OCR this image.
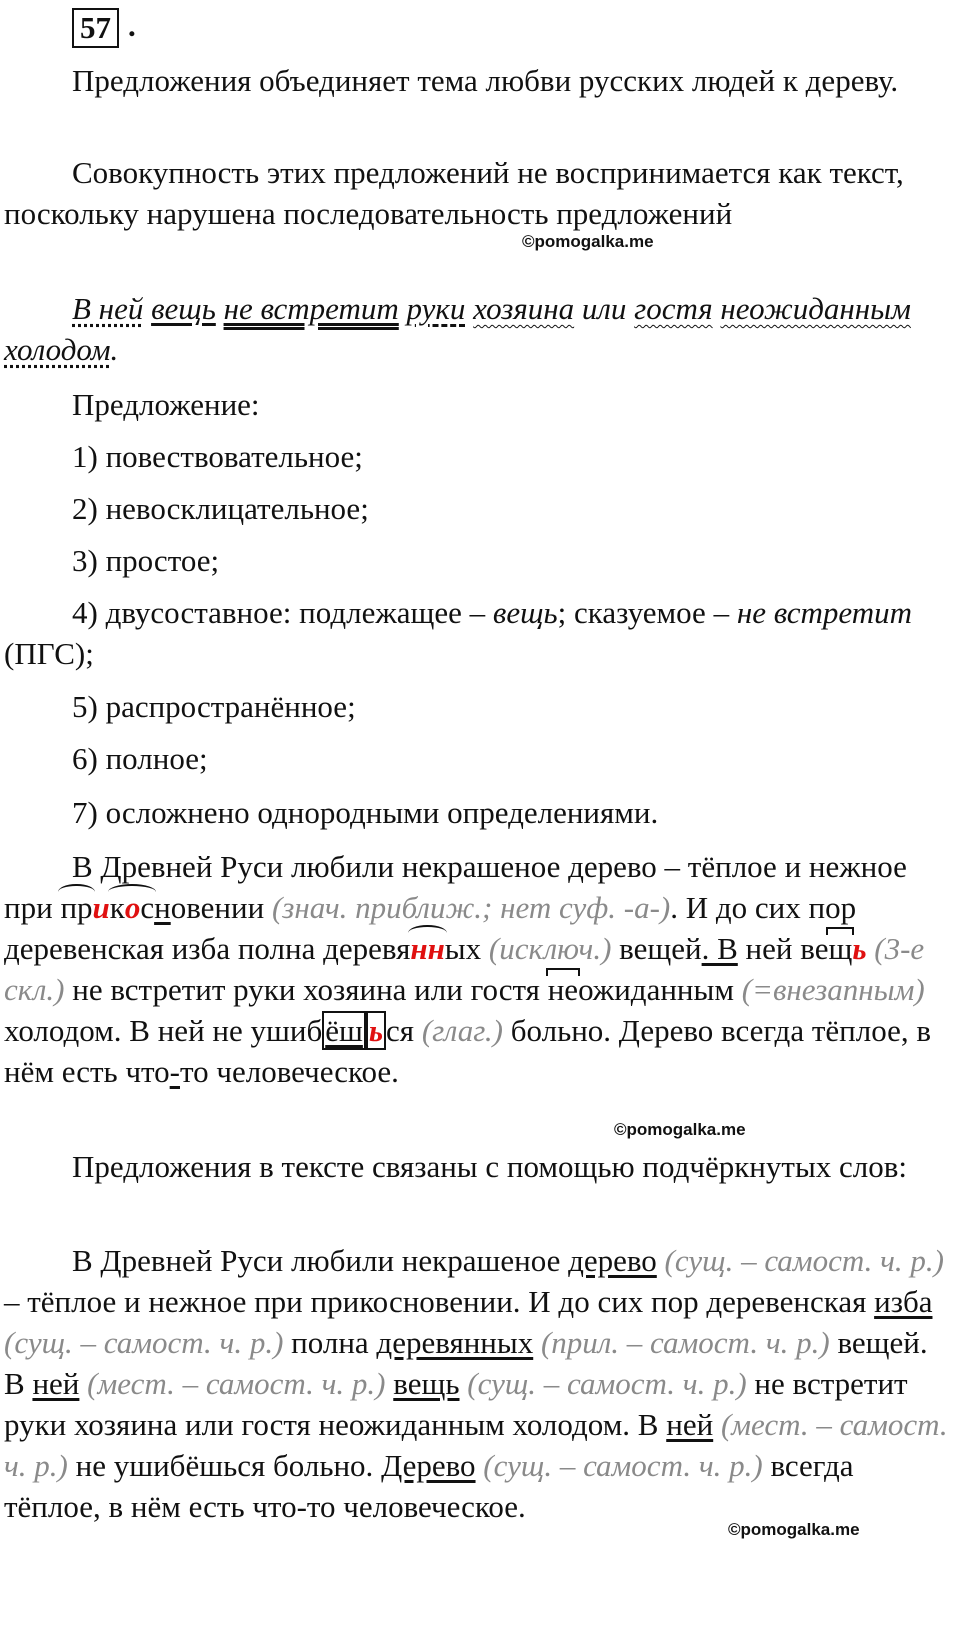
57 .

Предложения объединяет тема любви русских людей к дереву.

Совокупность этих предложений не воспринимается как текст, поскольку нарушена последовательность предложений

©pomogalka.me

В ней вещь не встретит руки хозяина или гостя неожиданным холодом.

Предложение:

1) повествовательное;

2) невосклицательное;

3) простое;

4) двусоставное: подлежащее – вещь; сказуемое – не встретит (ПГС);

5) распространённое;

6) полное;

7) осложнено однородными определениями.

В Древней Руси любили некрашеное дерево – тёплое и нежное при прикосновении (знач. приближ.; нет суф. -а-). И до сих пор деревенская изба полна деревянных (исключ.) вещей. В ней вещь (3-е скл.) не встретит руки хозяина или гостя неожиданным (=внезапным) холодом. В ней не ушибёш ься (глаг.) больно. Дерево всегда тёплое, в нём есть что-то человеческое.

©pomogalka.me

Предложения в тексте связаны с помощью подчёркнутых слов:

В Древней Руси любили некрашеное дерево (сущ. – самост. ч. р.) – тёплое и нежное при прикосновении. И до сих пор деревенская изба (сущ. – самост. ч. р.) полна деревянных (прил. – самост. ч. р.) вещей. В ней (мест. – самост. ч. р.) вещь (сущ. – самост. ч. р.) не встретит руки хозяина или гостя неожиданным холодом. В ней (мест. – самост. ч. р.) не ушибёшься больно. Дерево (сущ. – самост. ч. р.) всегда тёплое, в нём есть что-то человеческое.

©pomogalka.me
